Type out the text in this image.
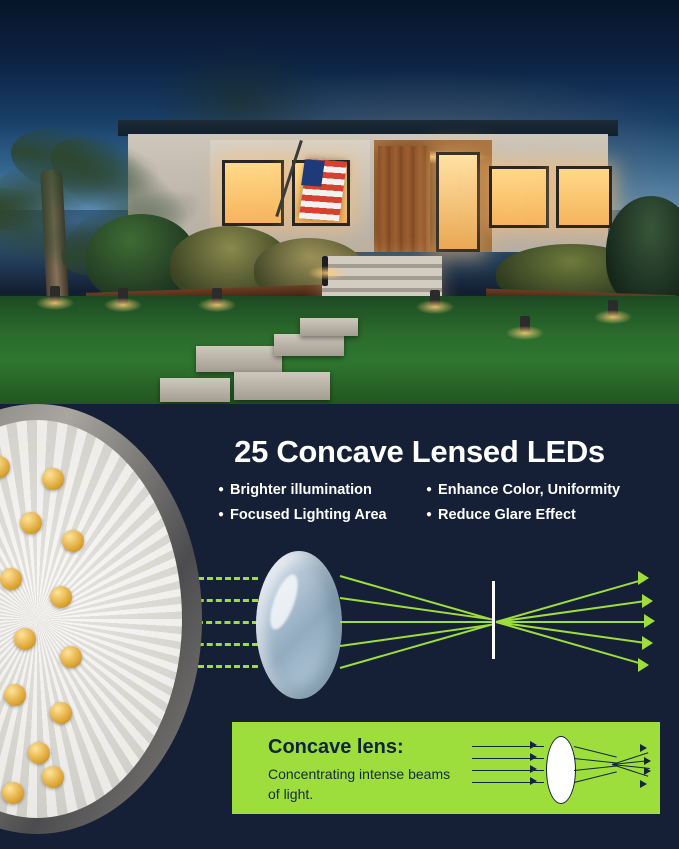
25 Concave Lensed LEDs
● Brighter illumination	● Enhance Color, Uniformity
● Focused Lighting Area	● Reduce Glare Effect
Concave lens:
Concentrating intense beams of light.
